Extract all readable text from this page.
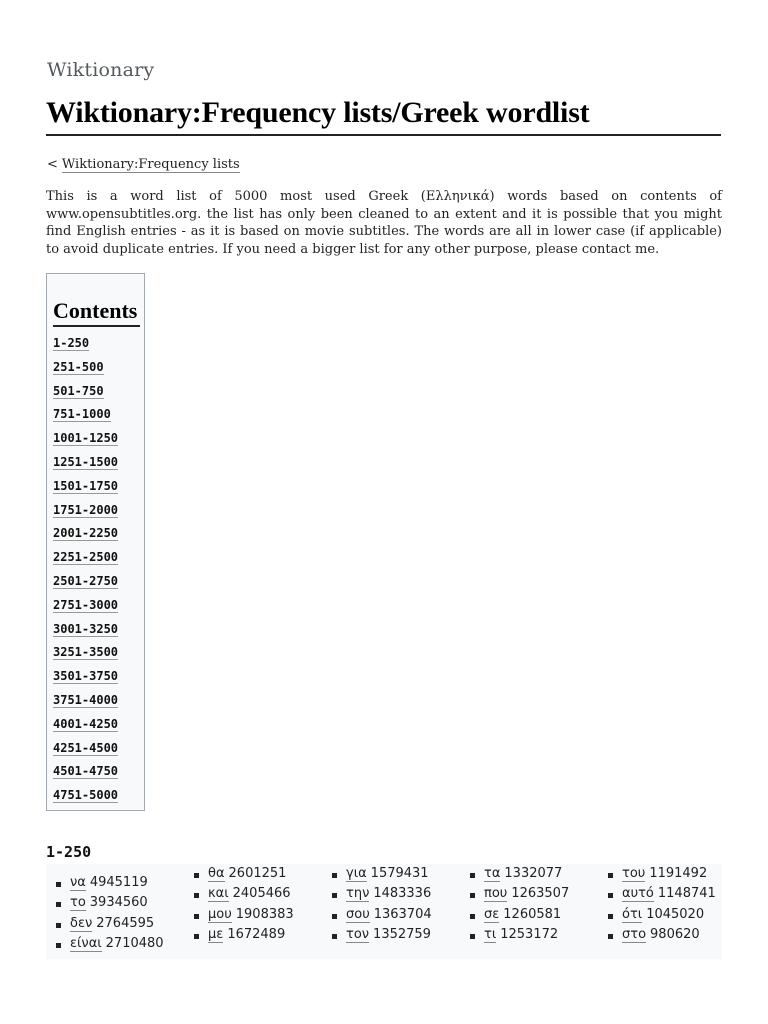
Wiktionary
Wiktionary:Frequency lists/Greek wordlist
< Wiktionary:Frequency lists

This is a word list of 5000 most used Greek (Ελληνικά) words based on contents of www.opensubtitles.org. the list has only been cleaned to an extent and it is possible that you might find English entries - as it is based on movie subtitles. The words are all in lower case (if applicable) to avoid duplicate entries. If you need a bigger list for any other purpose, please contact me.

Contents
1-250
251-500
501-750
751-1000
1001-1250
1251-1500
1501-1750
1751-2000
2001-2250
2251-2500
2501-2750
2751-3000
3001-3250
3251-3500
3501-3750
3751-4000
4001-4250
4251-4500
4501-4750
4751-5000
1-250
να 4945119
το 3934560
δεν 2764595
είναι 2710480
θα 2601251
και 2405466
μου 1908383
με 1672489
για 1579431
την 1483336
σου 1363704
τον 1352759
τα 1332077
που 1263507
σε 1260581
τι 1253172
του 1191492
αυτό 1148741
ότι 1045020
στο 980620
